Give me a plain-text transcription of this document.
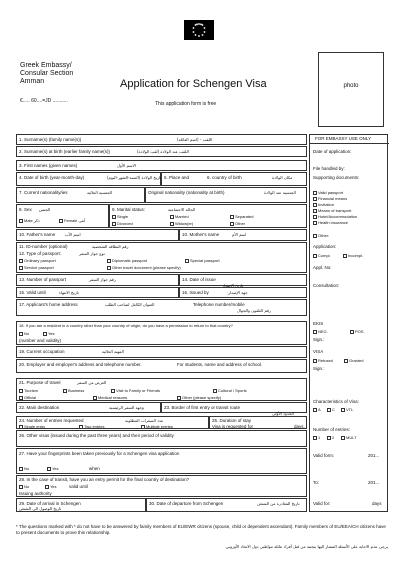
Greek Embassy/
Consular Section
Amman
€..... 60....=JD ...........
Application for Schengen Visa
This application form is free
photo
FOR EMBASSY USE ONLY
Date of application:
File handled by:
Supporting documents:
Valid passport
Financial means
Invitation
Means of transport
Hotel/Accommodation
Health insurance
Other:
Application:
Compl.	Incompl.
Appl. No:
Consultation:
EKIS
NEG.	POS.
Sign.:
VISA
Refused	Granted
Sign.:
Characteristics of Visa:
A	C	VTL
Number of entries:
1	2	MULT
Valid form:	201...
To:	201...
Valid for:	days
1. Surname(s) (family name(s))	اللقب - (اسم العائلة)
2. Surname(s) at birth (earlier family name(s))	اللقب عند الولادة (لقب الولادة)
3. First names (given names)	الاسم الأول
4. Date of birth (year-month-day)	تاريخ الولادة (السنة-الشهر-اليوم) 5. Place and	6. country of birth	مكان الولادة
7. Current nationality/ies	الجنسية الحالية	Original nationality (nationality at birth)	الجنسية عند الولادة
8. Sex الجنس
Male ذكر	Female أنثى
9. Marital status:	الحالة الاجتماعية
Single	Married	Separated
Divorced	Widow(er)	Other
10. Father's name اسم الأب	10. Mother's name	اسم الأم
11. ID-number (optional)	رقم البطاقة الشخصية
12. Type of passport:	نوع جواز السفر
Ordinary passport	Diplomatic passport	Special passport
Service passport	Other travel document (please specify)
13. Number of passport	رقم جواز السفر	14. Date of issue
تاريخ الإصدار
15. Valid until	تاريخ الانتهاء	16. Issued by	جهة الإصدار
17. Applicant's home address	العنوان الكامل لصاحب الطلب	Telephone number/mobile
رقم التلفون والجوال
18. If you are a resident in a country other than your country of origin, do you have a permission to return to that country?
No	Yes
(number and validity)
19. Current occupation	المهنة الحالية
20. Employer and employer's address and telephone number.	For students, name and address of school.
21. Purpose of travel	الغرض من السفر
Tourism	Business	Visit to Family or Friends	Cultural / Sports
Official	Medical reasons	Other (please specify)
22. Main destination	وجهة السفر الرئيسية	23. Border of first entry or transit route
الحدود الأولى
24. Number of entries requested	عدد السفرات المطلوبة
Single entry	Two entries	Multiple entries
25. Duration of stay
Visa is requested for	days.
26. Other visas (issued during the past three years) and their period of validity
27. Have your fingerprints been taken previously for a Schengen visa application
No	Yes	when
28. In the case of transit, have you an entry permit for the final country of destination?
No	Yes	valid until
Issuing authority
29. Date of arrival in Schengen
تاريخ الوصول الى الشنغن
30. Date of departure from Schengen	تاريخ المغادرة من الشنغن
* The questions marked with * do not have to be answered by family members of EU/EWR citizens (spouse, child or dependent ascendant). Family members of EU/EEA/CH citizens have to present documents to prove this relationship.
يرجى عدم الاجابة على الأسئلة المشار اليها بنجمة من قبل أفراد عائلة مواطني دول الاتحاد الأوروبي
